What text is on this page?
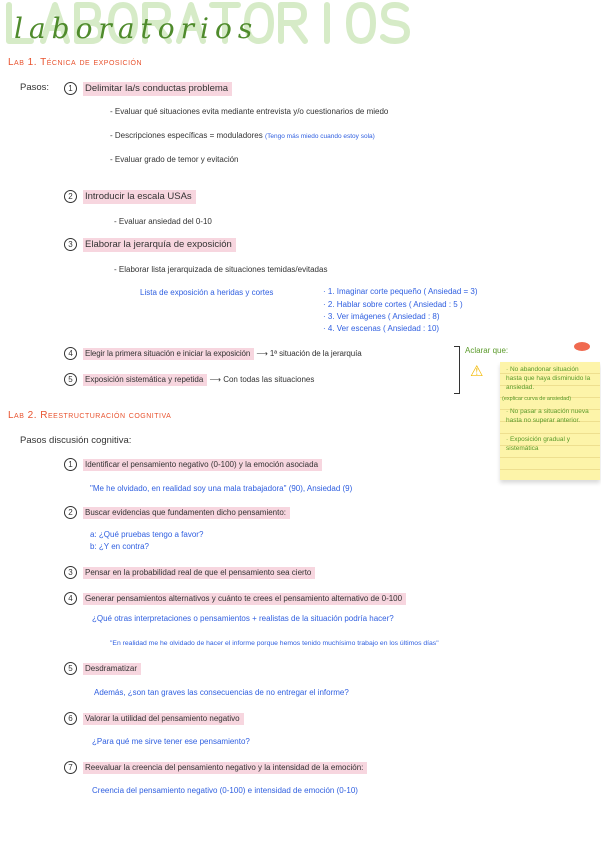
laboratorios
Lab 1. Técnica de exposición
Pasos:	1 Delimitar la/s conductas problema
- Evaluar qué situaciones evita mediante entrevista y/o cuestionarios de miedo
- Descripciones específicas = moduladores (Tengo más miedo cuando estoy sola)
- Evaluar grado de temor y evitación
2 Introducir la escala USAs
- Evaluar ansiedad del 0-10
3 Elaborar la jerarquía de exposición
- Elaborar lista jerarquizada de situaciones temidas/evitadas
Lista de exposición a heridas y cortes	· 1. Imaginar corte pequeño ( Ansiedad = 3)
· 2. Hablar sobre cortes ( Ansiedad : 5 )
· 3. Ver imágenes ( Ansiedad : 8)
· 4. Ver escenas ( Ansiedad : 10)
4 Elegir la primera situación e iniciar la exposición ⟶ 1ª situación de la jerarquía
5 Exposición sistemática y repetida ⟶ Con todas las situaciones
Aclarar que:
⚠	· No abandonar situación hasta que haya disminuido la ansiedad.
(explicar curva de ansiedad)
· No pasar a situación nueva hasta no superar anterior.
· Exposición gradual y sistemática
Lab 2. Reestructuración cognitiva
Pasos discusión cognitiva:
1 Identificar el pensamiento negativo (0-100) y la emoción asociada
"Me he olvidado, en realidad soy una mala trabajadora" (90), Ansiedad (9)
2 Buscar evidencias que fundamenten dicho pensamiento:
a: ¿Qué pruebas tengo a favor?
b: ¿Y en contra?
3 Pensar en la probabilidad real de que el pensamiento sea cierto
4 Generar pensamientos alternativos y cuánto te crees el pensamiento alternativo de 0-100
¿Qué otras interpretaciones o pensamientos + realistas de la situación podría hacer?
"En realidad me he olvidado de hacer el informe porque hemos tenido muchísimo trabajo en los últimos días"
5 Desdramatizar
Además, ¿son tan graves las consecuencias de no entregar el informe?
6 Valorar la utilidad del pensamiento negativo
¿Para qué me sirve tener ese pensamiento?
7 Reevaluar la creencia del pensamiento negativo y la intensidad de la emoción:
Creencia del pensamiento negativo (0-100) e intensidad de emoción (0-10)
